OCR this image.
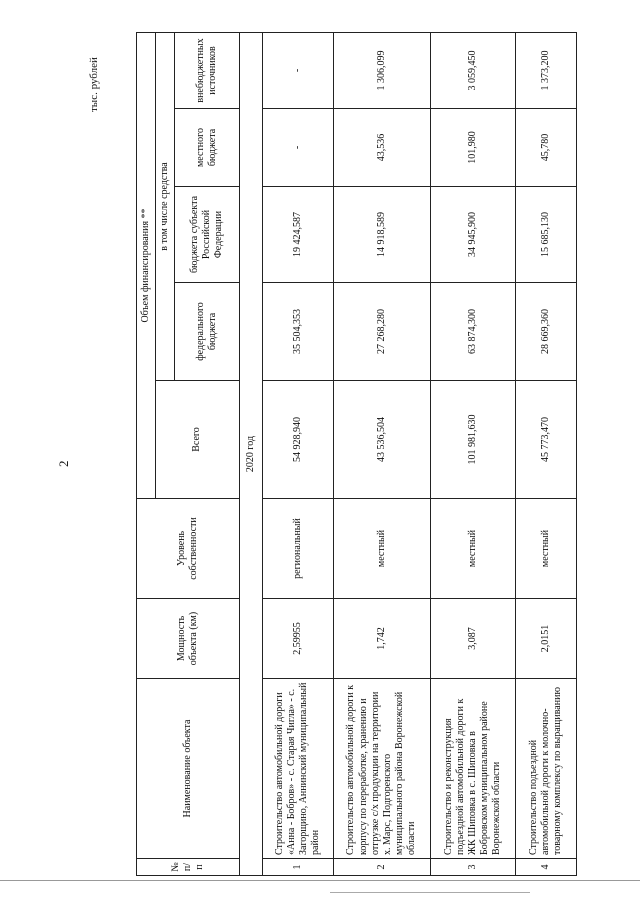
2
тыс. рублей
№
п/п	Наименование объекта	Мощность объекта (км)	Уровень собственности	Объем финансирования **				
				Всего	в том числе средства			
					федерального бюджета	бюджета субъекта Российской Федерации	местного бюджета	внебюджетных источников
2020 год								
1	Строительство автомобильной дороги «Анна - Бобров» - с. Старая Чигла» - с. Загорщино, Аннинский муниципальный район	2,59955	региональный	54 928,940	35 504,353	19 424,587	-	-
2	Строительство автомобильной дороги к корпусу по переработке, хранению и отгрузке с/х продукции на территории х. Марс, Подгоренского муниципального района Воронежской области	1,742	местный	43 536,504	27 268,280	14 918,589	43,536	1 306,099
3	Строительство и реконструкция подъездной автомобильной дороги к ЖК Шиповка в с. Шиповка в Бобровском муниципальном районе Воронежской области	3,087	местный	101 981,630	63 874,300	34 945,900	101,980	3 059,450
4	Строительство подъездной автомобильной дороги к молочно-товарному комплексу по выращиванию	2,0151	местный	45 773,470	28 669,360	15 685,130	45,780	1 373,200
